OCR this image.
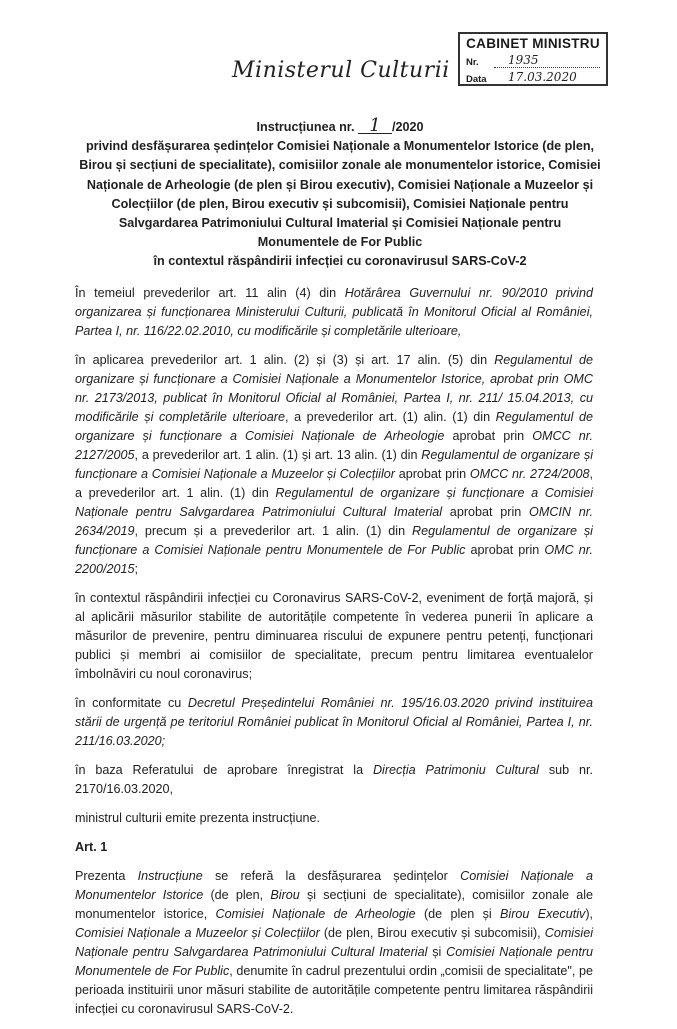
Ministerul Culturii
CABINET MINISTRU
Nr.	1935
Data	17.03.2020
Instrucțiunea nr. 1 /2020
privind desfășurarea ședințelor Comisiei Naționale a Monumentelor Istorice (de plen,
Birou și secțiuni de specialitate), comisiilor zonale ale monumentelor istorice, Comisiei
Naționale de Arheologie (de plen și Birou executiv), Comisiei Naționale a Muzeelor și
Colecțiilor (de plen, Birou executiv și subcomisii), Comisiei Naționale pentru
Salvgardarea Patrimoniului Cultural Imaterial și Comisiei Naționale pentru
Monumentele de For Public
în contextul răspândirii infecției cu coronavirusul SARS-CoV-2

În temeiul prevederilor art. 11 alin (4) din Hotărârea Guvernului nr. 90/2010 privind organizarea și funcționarea Ministerului Culturii, publicată în Monitorul Oficial al României, Partea I, nr. 116/22.02.2010, cu modificările și completările ulterioare,

în aplicarea prevederilor art. 1 alin. (2) și (3) și art. 17 alin. (5) din Regulamentul de organizare și funcționare a Comisiei Naționale a Monumentelor Istorice, aprobat prin OMC nr. 2173/2013, publicat în Monitorul Oficial al României, Partea I, nr. 211/ 15.04.2013, cu modificările și completările ulterioare, a prevederilor art. (1) alin. (1) din Regulamentul de organizare și funcționare a Comisiei Naționale de Arheologie aprobat prin OMCC nr. 2127/2005, a prevederilor art. 1 alin. (1) și art. 13 alin. (1) din Regulamentul de organizare și funcționare a Comisiei Naționale a Muzeelor și Colecțiilor aprobat prin OMCC nr. 2724/2008, a prevederilor art. 1 alin. (1) din Regulamentul de organizare și funcționare a Comisiei Naționale pentru Salvgardarea Patrimoniului Cultural Imaterial aprobat prin OMCIN nr. 2634/2019, precum și a prevederilor art. 1 alin. (1) din Regulamentul de organizare și funcționare a Comisiei Naționale pentru Monumentele de For Public aprobat prin OMC nr. 2200/2015;

în contextul răspândirii infecției cu Coronavirus SARS-CoV-2, eveniment de forță majoră, și al aplicării măsurilor stabilite de autoritățile competente în vederea punerii în aplicare a măsurilor de prevenire, pentru diminuarea riscului de expunere pentru petenți, funcționari publici și membri ai comisiilor de specialitate, precum pentru limitarea eventualelor îmbolnăviri cu noul coronavirus;

în conformitate cu Decretul Președintelui României nr. 195/16.03.2020 privind instituirea stării de urgență pe teritoriul României publicat în Monitorul Oficial al României, Partea I, nr. 211/16.03.2020;

în baza Referatului de aprobare înregistrat la Direcția Patrimoniu Cultural sub nr. 2170/16.03.2020,

ministrul culturii emite prezenta instrucțiune.

Art. 1

Prezenta Instrucțiune se referă la desfășurarea ședințelor Comisiei Naționale a Monumentelor Istorice (de plen, Birou și secțiuni de specialitate), comisiilor zonale ale monumentelor istorice, Comisiei Naționale de Arheologie (de plen și Birou Executiv), Comisiei Naționale a Muzeelor și Colecțiilor (de plen, Birou executiv și subcomisii), Comisiei Naționale pentru Salvgardarea Patrimoniului Cultural Imaterial și Comisiei Naționale pentru Monumentele de For Public, denumite în cadrul prezentului ordin „comisii de specialitate", pe perioada instituirii unor măsuri stabilite de autoritățile competente pentru limitarea răspândirii infecției cu coronavirusul SARS-CoV-2.
